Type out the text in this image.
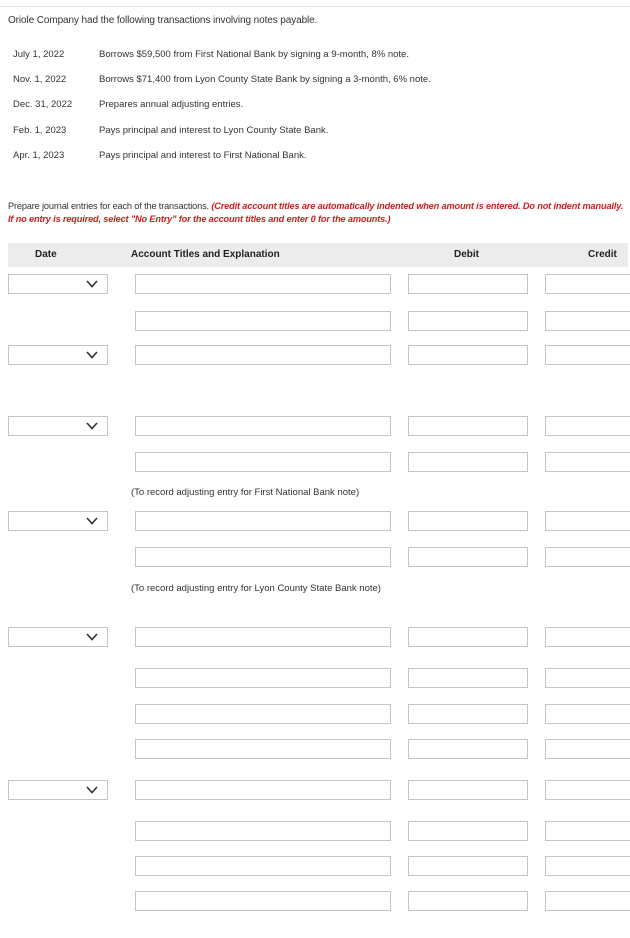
Oriole Company had the following transactions involving notes payable.
July 1, 2022	Borrows $59,500 from First National Bank by signing a 9-month, 8% note.
Nov. 1, 2022	Borrows $71,400 from Lyon County State Bank by signing a 3-month, 6% note.
Dec. 31, 2022	Prepares annual adjusting entries.
Feb. 1, 2023	Pays principal and interest to Lyon County State Bank.
Apr. 1, 2023	Pays principal and interest to First National Bank.
Prepare journal entries for each of the transactions. (Credit account titles are automatically indented when amount is entered. Do not indent manually. If no entry is required, select "No Entry" for the account titles and enter 0 for the amounts.)
Date	Account Titles and Explanation	Debit	Credit
(To record adjusting entry for First National Bank note)
(To record adjusting entry for Lyon County State Bank note)
